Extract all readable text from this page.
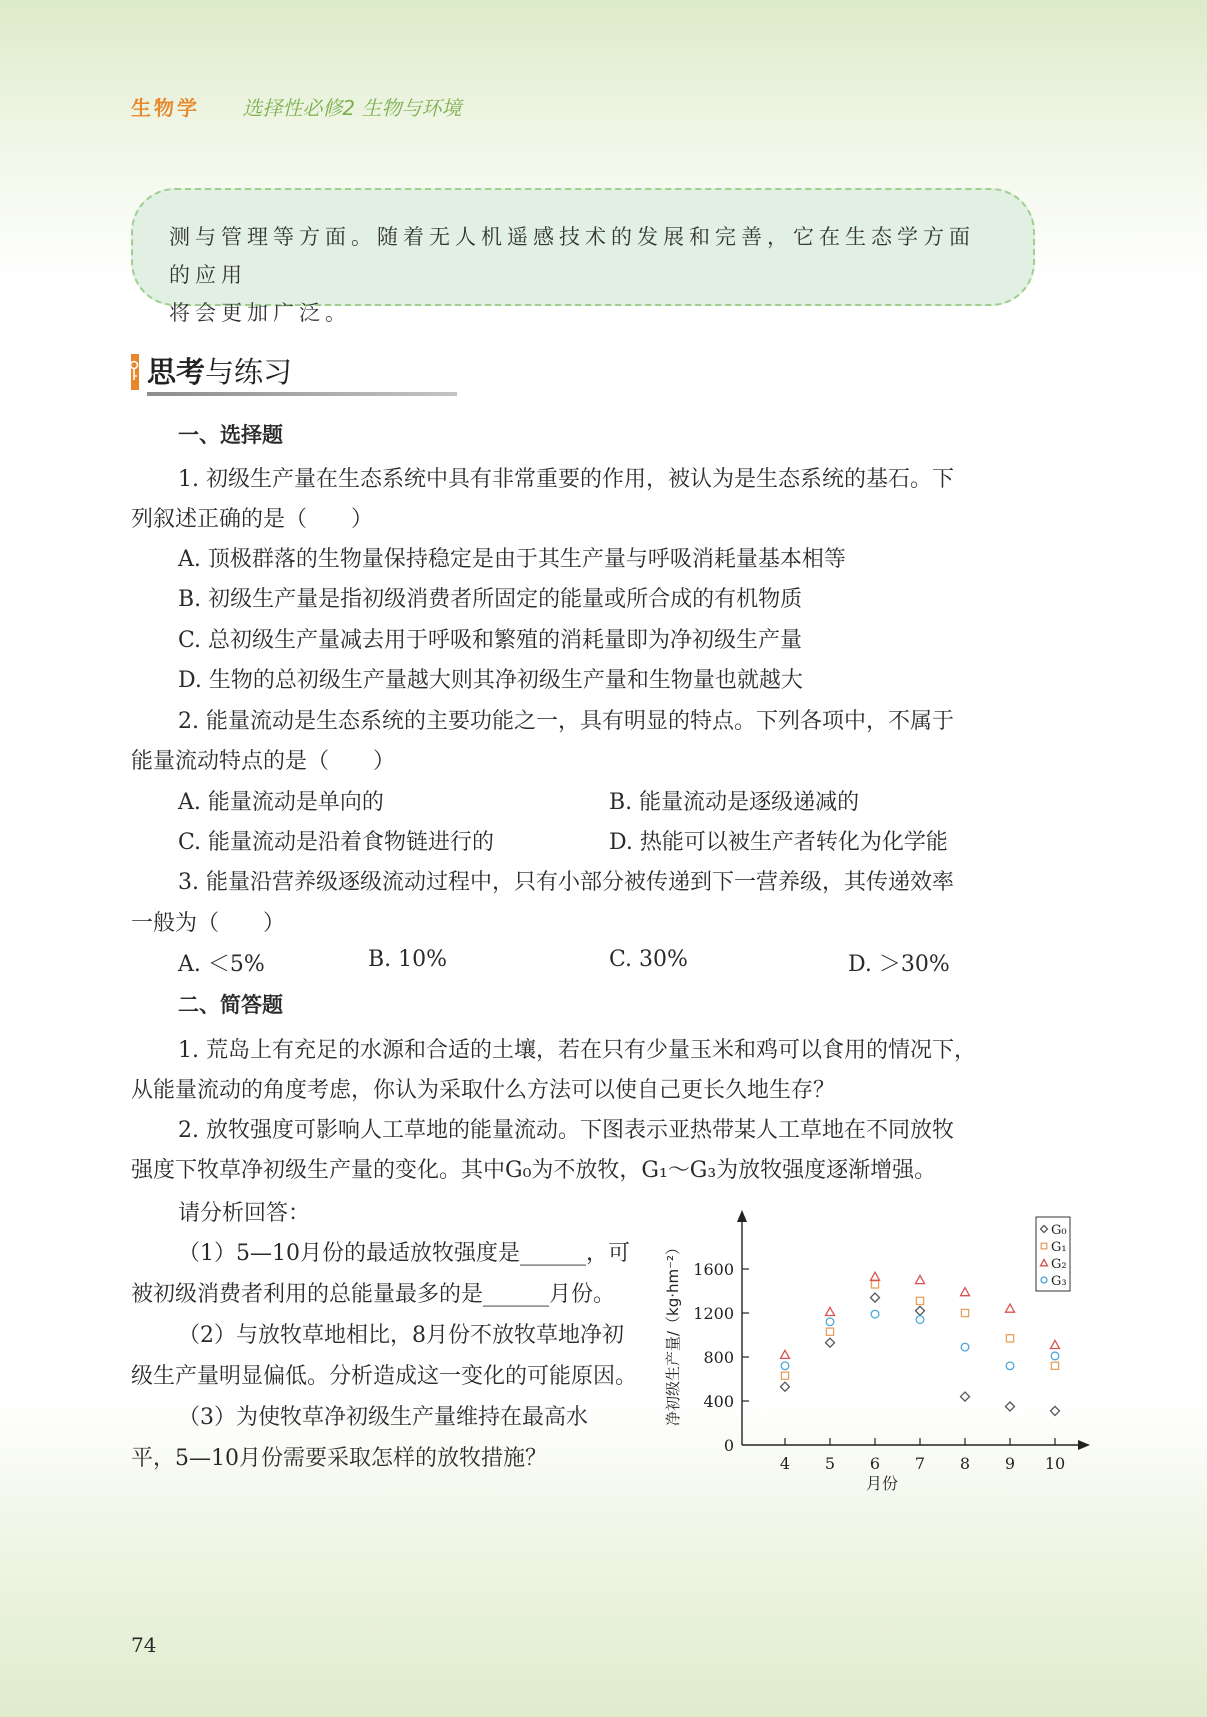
生物学 选择性必修2 生物与环境
测与管理等方面。随着无人机遥感技术的发展和完善，它在生态学方面的应用
将会更加广泛。
思考与练习
一、选择题
1. 初级生产量在生态系统中具有非常重要的作用，被认为是生态系统的基石。下
列叙述正确的是（　　）
A. 顶极群落的生物量保持稳定是由于其生产量与呼吸消耗量基本相等
B. 初级生产量是指初级消费者所固定的能量或所合成的有机物质
C. 总初级生产量减去用于呼吸和繁殖的消耗量即为净初级生产量
D. 生物的总初级生产量越大则其净初级生产量和生物量也就越大
2. 能量流动是生态系统的主要功能之一，具有明显的特点。下列各项中，不属于
能量流动特点的是（　　）
A. 能量流动是单向的	B. 能量流动是逐级递减的
C. 能量流动是沿着食物链进行的	D. 热能可以被生产者转化为化学能
3. 能量沿营养级逐级流动过程中，只有小部分被传递到下一营养级，其传递效率
一般为（　　）
A. ＜5%	B. 10%	C. 30%	D. ＞30%
二、简答题
1. 荒岛上有充足的水源和合适的土壤，若在只有少量玉米和鸡可以食用的情况下，
从能量流动的角度考虑，你认为采取什么方法可以使自己更长久地生存？
2. 放牧强度可影响人工草地的能量流动。下图表示亚热带某人工草地在不同放牧
强度下牧草净初级生产量的变化。其中G₀为不放牧，G₁～G₃为放牧强度逐渐增强。
请分析回答：
（1）5—10月份的最适放牧强度是______，可
被初级消费者利用的总能量最多的是______月份。
（2）与放牧草地相比，8月份不放牧草地净初
级生产量明显偏低。分析造成这一变化的可能原因。
（3）为使牧草净初级生产量维持在最高水
平，5—10月份需要采取怎样的放牧措施？
0
400
800
1200
1600
4 5 6 7 8 9 10
月份
净初级生产量/（kg·hm⁻²）
G₀
G₁
G₂
G₃
74
